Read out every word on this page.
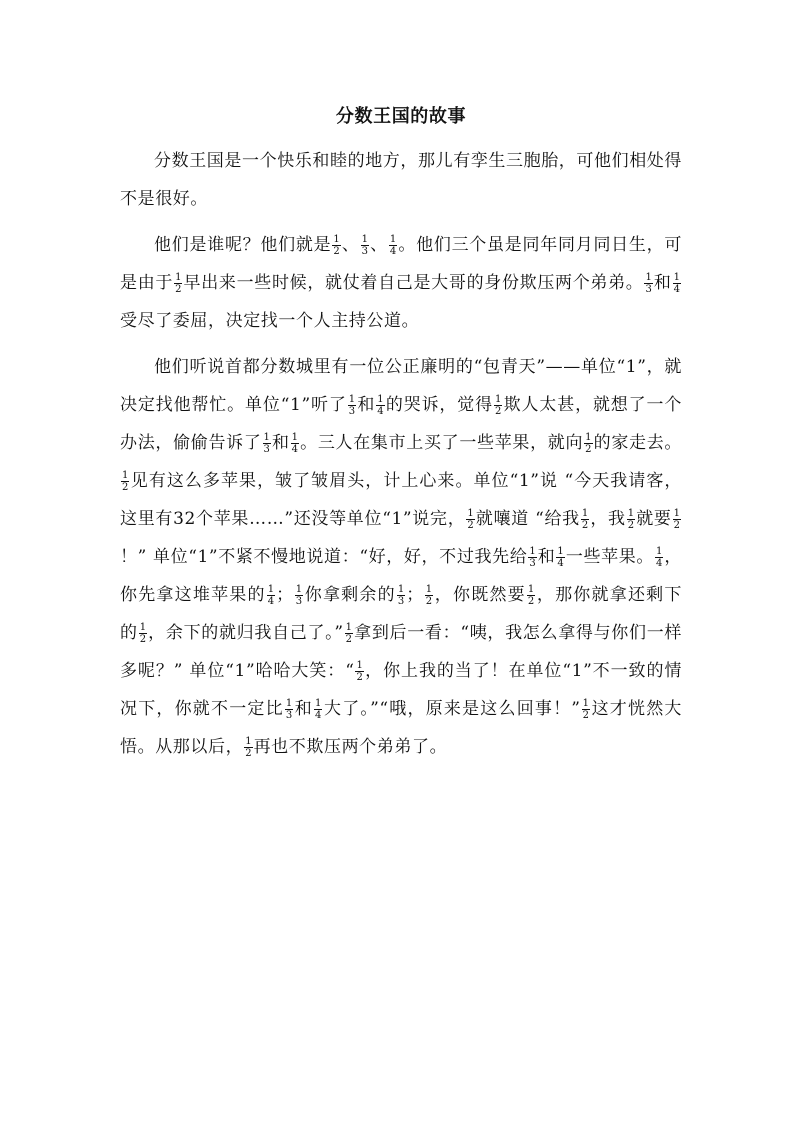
分数王国的故事

分数王国是一个快乐和睦的地方，那儿有孪生三胞胎，可他们相处得不是很好。

他们是谁呢？他们就是 $\frac{1}{2}$ 、 $\frac{1}{3}$ 、 $\frac{1}{4}$ 。他们三个虽是同年同月同日生，可是由于 $\frac{1}{2}$ 早出来一些时候，就仗着自己是大哥的身份欺压两个弟弟。 $\frac{1}{3}$ 和 $\frac{1}{4}$
受尽了委屈，决定找一个人主持公道。

他们听说首都分数城里有一位公正廉明的“包青天”——单位“1”，就决定找他帮忙。单位“1”听了 $\frac{1}{3}$ 和 $\frac{1}{4}$ 的哭诉，觉得 $\frac{1}{2}$ 欺人太甚，就想了一个办法，偷偷告诉了 $\frac{1}{3}$ 和 $\frac{1}{4}$ 。三人在集市上买了一些苹果，就向 $\frac{1}{2}$ 的家走去。
$\frac{1}{2}$ 见有这么多苹果，皱了皱眉头，计上心来。单位“1”说 “今天我请客，这里有32个苹果……”还没等单位“1”说完， $\frac{1}{2}$ 就嚷道 “给我 $\frac{1}{2}$ ，我 $\frac{1}{2}$ 就要 $\frac{1}{2}$
！” 单位“1”不紧不慢地说道：“好，好，不过我先给 $\frac{1}{3}$ 和 $\frac{1}{4}$ 一些苹果。 $\frac{1}{4}$ ，你先拿这堆苹果的 $\frac{1}{4}$ ； $\frac{1}{3}$ 你拿剩余的 $\frac{1}{3}$ ； $\frac{1}{2}$ ，你既然要 $\frac{1}{2}$ ，那你就拿还剩下的 $\frac{1}{2}$ ，余下的就归我自己了。” $\frac{1}{2}$ 拿到后一看：“咦，我怎么拿得与你们一样多呢？” 单位“1”哈哈大笑：“ $\frac{1}{2}$ ，你上我的当了！在单位“1”不一致的情况下，你就不一定比 $\frac{1}{3}$ 和 $\frac{1}{4}$ 大了。”“哦，原来是这么回事！” $\frac{1}{2}$ 这才恍然大悟。从那以后， $\frac{1}{2}$ 再也不欺压两个弟弟了。
